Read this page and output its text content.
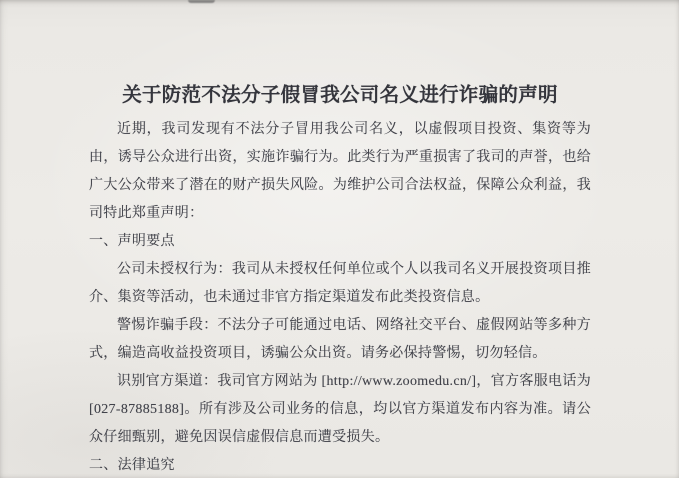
关于防范不法分子假冒我公司名义进行诈骗的声明

近期，我司发现有不法分子冒用我公司名义，以虚假项目投资、集资等为由，诱导公众进行出资，实施诈骗行为。此类行为严重损害了我司的声誉，也给广大公众带来了潜在的财产损失风险。为维护公司合法权益，保障公众利益，我司特此郑重声明：

一、声明要点

公司未授权行为：我司从未授权任何单位或个人以我司名义开展投资项目推介、集资等活动，也未通过非官方指定渠道发布此类投资信息。

警惕诈骗手段：不法分子可能通过电话、网络社交平台、虚假网站等多种方式，编造高收益投资项目，诱骗公众出资。请务必保持警惕，切勿轻信。

识别官方渠道：我司官方网站为 [http://www.zoomedu.cn/]，官方客服电话为 [027-87885188]。所有涉及公司业务的信息，均以官方渠道发布内容为准。请公众仔细甄别，避免因误信虚假信息而遭受损失。

二、法律追究
